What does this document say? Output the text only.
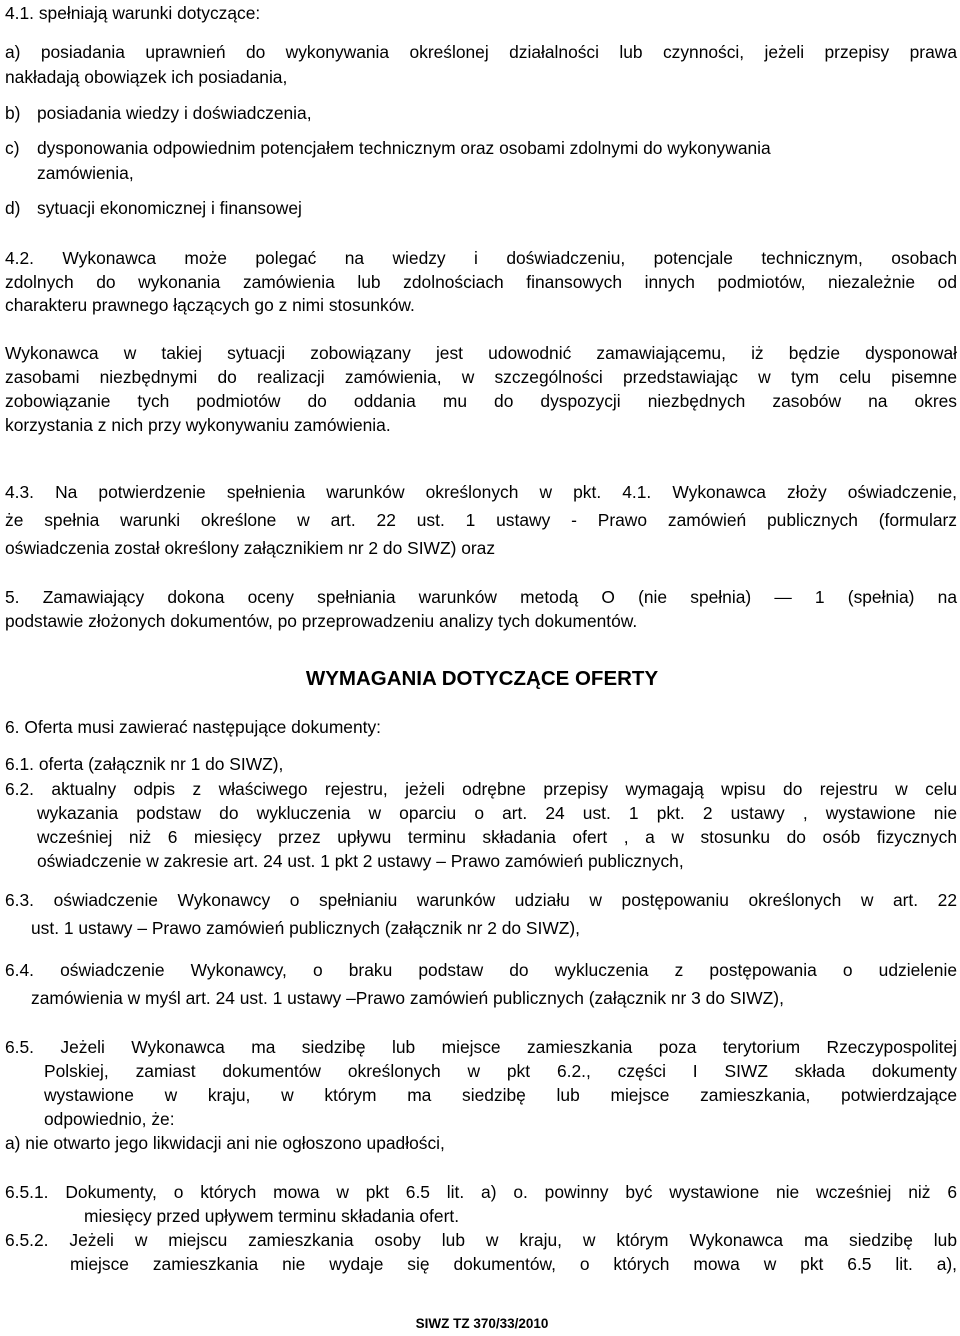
4.1. spełniają warunki dotyczące:
a) posiadania uprawnień do wykonywania określonej działalności lub czynności, jeżeli przepisy prawa
nakładają obowiązek ich posiadania,
b) posiadania wiedzy i doświadczenia,
c) dysponowania odpowiednim potencjałem technicznym oraz osobami zdolnymi do wykonywania
zamówienia,
d) sytuacji ekonomicznej i finansowej
4.2. Wykonawca może polegać na wiedzy i doświadczeniu, potencjale technicznym, osobach
zdolnych do wykonania zamówienia lub zdolnościach finansowych innych podmiotów, niezależnie od
charakteru prawnego łączących go z nimi stosunków.
Wykonawca w takiej sytuacji zobowiązany jest udowodnić zamawiającemu, iż będzie dysponował
zasobami niezbędnymi do realizacji zamówienia, w szczególności przedstawiając w tym celu pisemne
zobowiązanie tych podmiotów do oddania mu do dyspozycji niezbędnych zasobów na okres
korzystania z nich przy wykonywaniu zamówienia.
4.3. Na potwierdzenie spełnienia warunków określonych w pkt. 4.1. Wykonawca złoży oświadczenie,
że spełnia warunki określone w art. 22 ust. 1 ustawy - Prawo zamówień publicznych (formularz
oświadczenia został określony załącznikiem nr 2 do SIWZ) oraz
5. Zamawiający dokona oceny spełniania warunków metodą O (nie spełnia) — 1 (spełnia) na
podstawie złożonych dokumentów, po przeprowadzeniu analizy tych dokumentów.
WYMAGANIA DOTYCZĄCE OFERTY
6. Oferta musi zawierać następujące dokumenty:
6.1. oferta (załącznik nr 1 do SIWZ),
6.2. aktualny odpis z właściwego rejestru, jeżeli odrębne przepisy wymagają wpisu do rejestru w celu
wykazania podstaw do wykluczenia w oparciu o art. 24 ust. 1 pkt. 2 ustawy , wystawione nie
wcześniej niż 6 miesięcy przez upływu terminu składania ofert , a w stosunku do osób fizycznych
oświadczenie w zakresie art. 24 ust. 1 pkt 2 ustawy – Prawo zamówień publicznych,
6.3. oświadczenie Wykonawcy o spełnianiu warunków udziału w postępowaniu określonych w art. 22
ust. 1 ustawy – Prawo zamówień publicznych (załącznik nr 2 do SIWZ),
6.4. oświadczenie Wykonawcy, o braku podstaw do wykluczenia z postępowania o udzielenie
zamówienia w myśl art. 24 ust. 1 ustawy –Prawo zamówień publicznych (załącznik nr 3 do SIWZ),
6.5. Jeżeli Wykonawca ma siedzibę lub miejsce zamieszkania poza terytorium Rzeczypospolitej
Polskiej, zamiast dokumentów określonych w pkt 6.2., części I SIWZ składa dokumenty
wystawione w kraju, w którym ma siedzibę lub miejsce zamieszkania, potwierdzające
odpowiednio, że:
a) nie otwarto jego likwidacji ani nie ogłoszono upadłości,
6.5.1. Dokumenty, o których mowa w pkt 6.5 lit. a) o. powinny być wystawione nie wcześniej niż 6
miesięcy przed upływem terminu składania ofert.
6.5.2. Jeżeli w miejscu zamieszkania osoby lub w kraju, w którym Wykonawca ma siedzibę lub
miejsce zamieszkania nie wydaje się dokumentów, o których mowa w pkt 6.5 lit. a),
SIWZ TZ 370/33/2010
